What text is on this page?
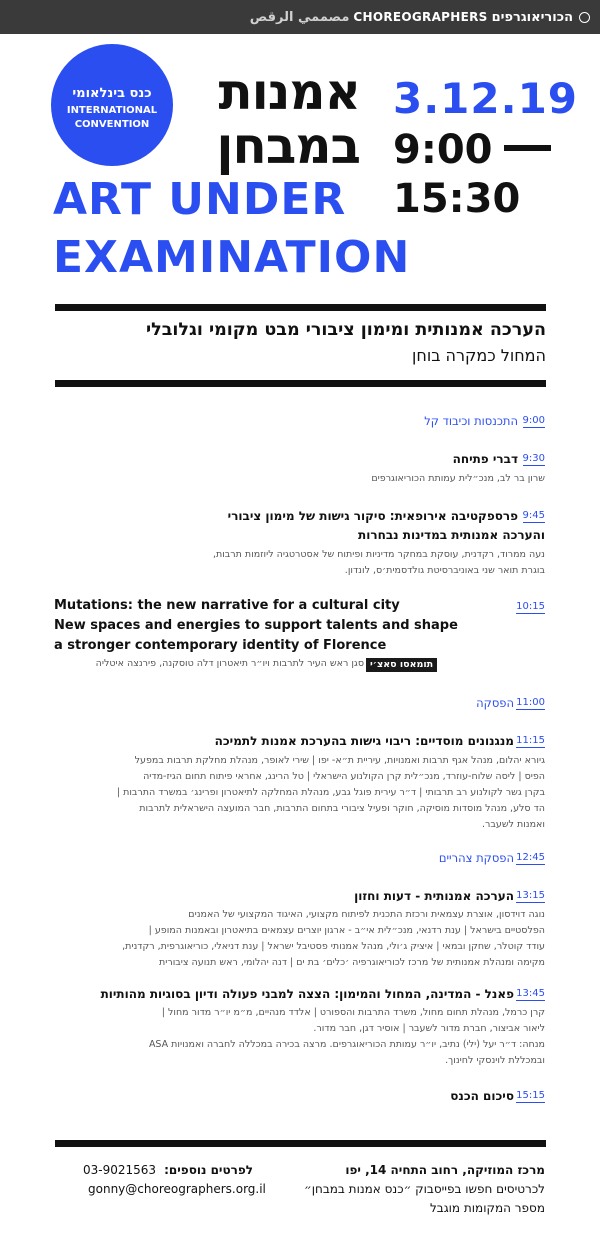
مصممي الرقص CHOREOGRAPHERS הכוריאוגרפים
כנס בינלאומי
INTERNATIONAL
CONVENTION
אמנות
במבחן
3.12.19
9:00
15:30
ART UNDER
EXAMINATION
הערכה אמנותית ומימון ציבורי מבט מקומי וגלובלי
המחול כמקרה בוחן
9:00
התכנסות וכיבוד קל
9:30
דברי פתיחה
שרון בר לב, מנכ״לית עמותת הכוריאוגרפים
9:45
פרספקטיבה אירופאית: סיקור גישות של מימון ציבורי
והערכה אמנותית במדינות נבחרות
נעה ממרוד, רקדנית, עוסקת במחקר מדיניות ופיתוח של אסטרטגיה ליוזמות תרבות,
בוגרת תואר שני באוניברסיטת גולדסמית׳ס, לונדון.
10:15
Mutations: the new narrative for a cultural city
New spaces and energies to support talents and shape
a stronger contemporary identity of Florence
תומאסו סאצ׳י
סגן ראש העיר לתרבות ויו״ר תיאטרון דלה טוסקנה, פירנצה איטליה
11:00
הפסקה
11:15
מנגנונים מוסדיים: ריבוי גישות בהערכת אמנות לתמיכה
גיורא יהלום, מנהל אגף תרבות ואמנויות, עיריית ת״א- יפו | שירי לאופר, מנהלת מחלקת תרבות במפעל
הפיס | ליסה שלוח-עוזרד, מנכ״לית קרן הקולנוע הישראלי | טל הרינג, אחראי פיתוח תחום הגיז-מדיה
בקרן גשר לקולנוע רב תרבותי | ד״ר עירית פוגל גבע, מנהלת המחלקה לתיאטרון ופרינג׳ במשרד התרבות |
הד סלע, מנהל מוסדות מוסיקה, חוקר ופעיל ציבורי בתחום התרבות, חבר המועצה הישראלית לתרבות
ואמנות לשעבר.
12:45
הפסקת צהריים
13:15
הערכה אמנותית - דעות וחזון
נוגה דוידסון, אוצרת עצמאית ורכזת התכנית לפיתוח מקצועי, האיגוד המקצועי של האמנים
הפלסטיים בישראל | ענת רדנאי, מנכ״לית אי״ב - ארגון יוצרים עצמאים בתיאטרון ובאמנות המופע |
עודד קוטלר, שחקן ובמאי | איציק ג׳ולי, מנהל אמנותי פסטיבל ישראל | ענת דניאלי, כוריאוגרפית, רקדנית,
מקימה ומנהלת אמנותית של מרכז לכוריאוגרפיה ׳כלים׳ בת ים | דנה יהלומי, ראש תנועה ציבורית
13:45
פאנל - המדינה, המחול והמימון: הצצה למבני פעולה ודיון בסוגיות מהותיות
קרן כרמל, מנהלת תחום מחול, משרד התרבות והספורט | אלדד מנהיים, מ״מ יו״ר מדור מחול |
ליאור אביצור, חברת מדור לשעבר | אוסיר דגן, חבר מדור.
מנחה: ד״ר יעל (ילי) נתיב, יו״ר עמותת הכוריאוגרפים. מרצה בכירה במכללה לחברה ואמנויות ASA
ובמכללת לוינסקי לחינוך.
15:15
סיכום הכנס
מרכז המוזיקה, רחוב התחיה 14, יפו
לכרטיסים חפשו בפייסבוק ״כנס אמנות במבחן״
מספר המקומות מוגבל
לפרטים נוספים:
03-9021563
gonny@choreographers.org.il
